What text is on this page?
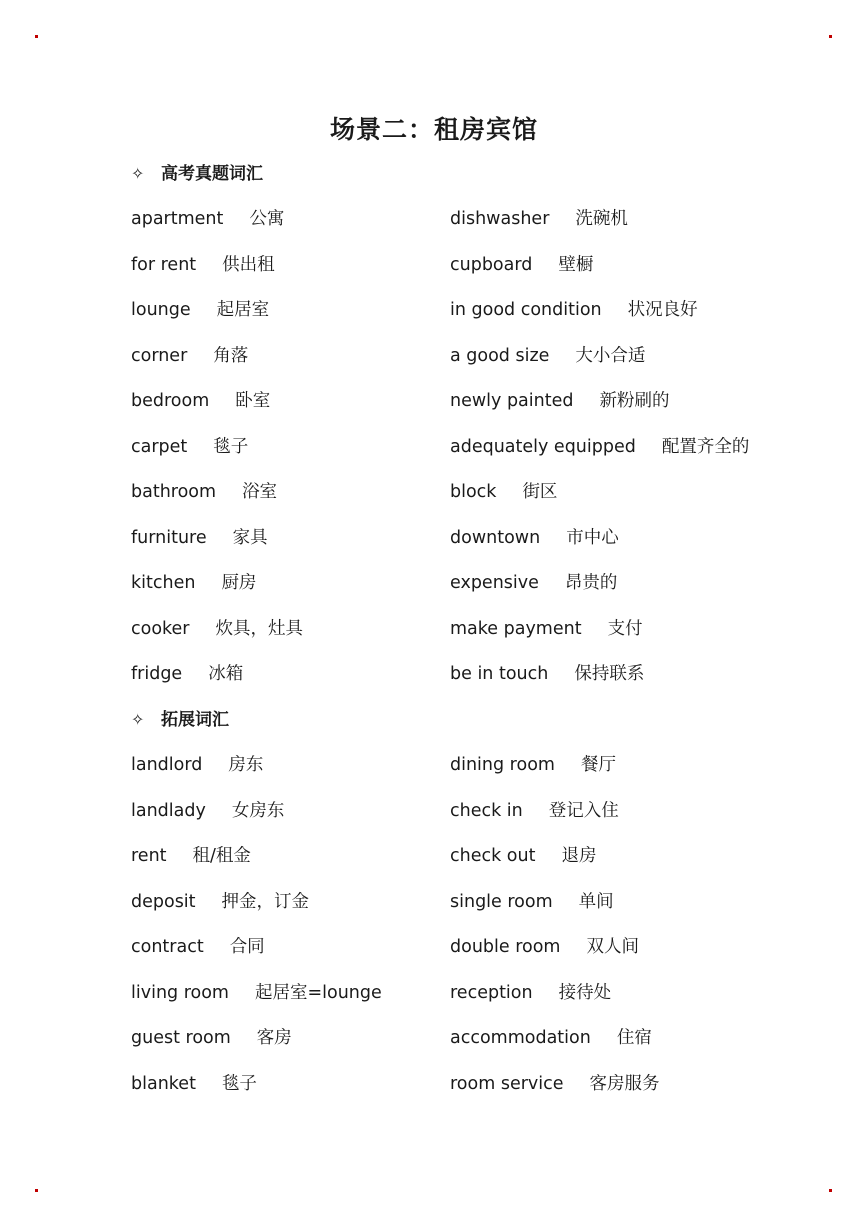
场景二：租房宾馆
✧ 高考真题词汇
apartment 公寓	dishwasher 洗碗机
for rent 供出租	cupboard 壁橱
lounge 起居室	in good condition 状况良好
corner 角落	a good size 大小合适
bedroom 卧室	newly painted 新粉刷的
carpet 毯子	adequately equipped 配置齐全的
bathroom 浴室	block 街区
furniture 家具	downtown 市中心
kitchen 厨房	expensive 昂贵的
cooker 炊具，灶具	make payment 支付
fridge 冰箱	be in touch 保持联系
✧ 拓展词汇
landlord 房东	dining room 餐厅
landlady 女房东	check in 登记入住
rent 租/租金	check out 退房
deposit 押金，订金	single room 单间
contract 合同	double room 双人间
living room 起居室=lounge	reception 接待处
guest room 客房	accommodation 住宿
blanket 毯子	room service 客房服务
